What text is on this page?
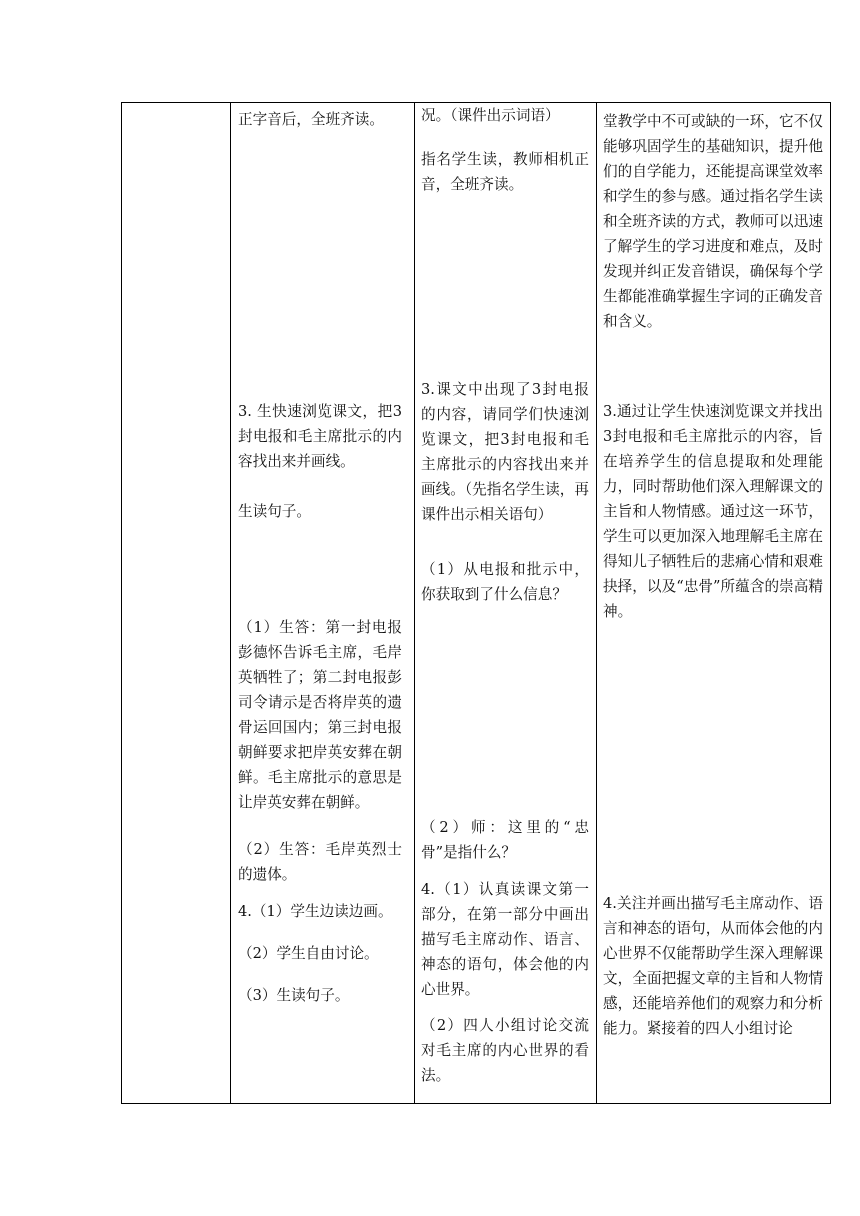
正字音后，全班齐读。

3. 生快速浏览课文，把3封电报和毛主席批示的内容找出来并画线。

生读句子。

（1）生答：第一封电报彭德怀告诉毛主席，毛岸英牺牲了；第二封电报彭司令请示是否将岸英的遗骨运回国内；第三封电报朝鲜要求把岸英安葬在朝鲜。毛主席批示的意思是让岸英安葬在朝鲜。

（2）生答：毛岸英烈士的遗体。

4.（1）学生边读边画。

（2）学生自由讨论。

（3）生读句子。

况。（课件出示词语）

指名学生读，教师相机正音，全班齐读。

3.课文中出现了3封电报的内容，请同学们快速浏览课文，把3封电报和毛主席批示的内容找出来并画线。（先指名学生读，再课件出示相关语句）

（1）从电报和批示中，你获取到了什么信息？

（2）师：这里的“忠骨”是指什么？

4.（1）认真读课文第一部分，在第一部分中画出描写毛主席动作、语言、神态的语句，体会他的内心世界。

（2）四人小组讨论交流对毛主席的内心世界的看法。

堂教学中不可或缺的一环，它不仅能够巩固学生的基础知识，提升他们的自学能力，还能提高课堂效率和学生的参与感。通过指名学生读和全班齐读的方式，教师可以迅速了解学生的学习进度和难点，及时发现并纠正发音错误，确保每个学生都能准确掌握生字词的正确发音和含义。

3.通过让学生快速浏览课文并找出3封电报和毛主席批示的内容，旨在培养学生的信息提取和处理能力，同时帮助他们深入理解课文的主旨和人物情感。通过这一环节，学生可以更加深入地理解毛主席在得知儿子牺牲后的悲痛心情和艰难抉择，以及“忠骨”所蕴含的崇高精神。

4.关注并画出描写毛主席动作、语言和神态的语句，从而体会他的内心世界不仅能帮助学生深入理解课文，全面把握文章的主旨和人物情感，还能培养他们的观察力和分析能力。紧接着的四人小组讨论
